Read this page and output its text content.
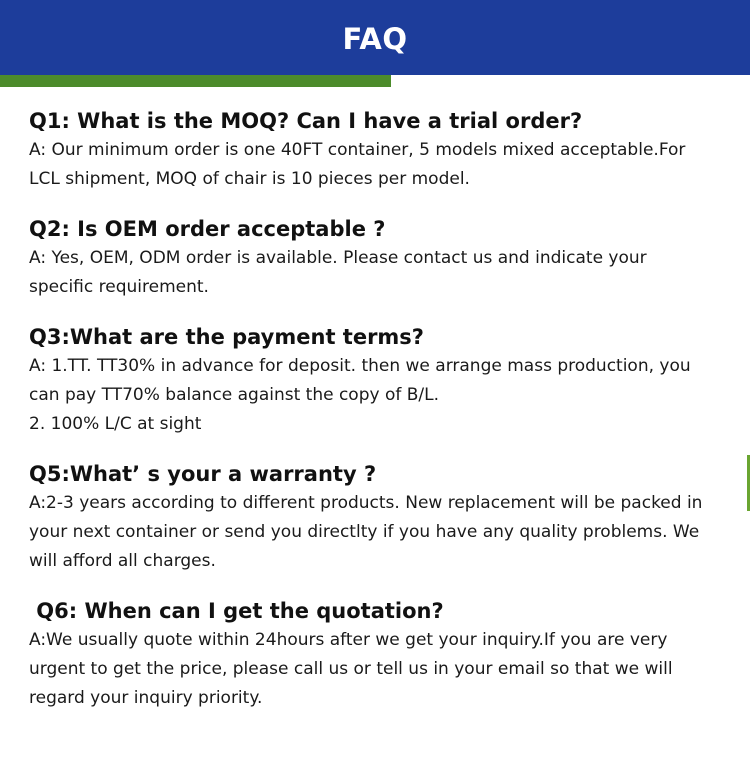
FAQ

Q1: What is the MOQ? Can I have a trial order?

A: Our minimum order is one 40FT container, 5 models mixed acceptable.For

LCL shipment, MOQ of chair is 10 pieces per model.

Q2: Is OEM order acceptable ?

A: Yes, OEM, ODM order is available. Please contact us and indicate your

specific requirement.

Q3:What are the payment terms?

A: 1.TT. TT30% in advance for deposit. then we arrange mass production, you

can pay TT70% balance against the copy of B/L.

2. 100% L/C at sight

Q5:What’ s your a warranty ?

A:2-3 years according to different products. New replacement will be packed in

your next container or send you directlty if you have any quality problems. We

will afford all charges.

Q6: When can I get the quotation?

A:We usually quote within 24hours after we get your inquiry.If you are very

urgent to get the price, please call us or tell us in your email so that we will

regard your inquiry priority.
